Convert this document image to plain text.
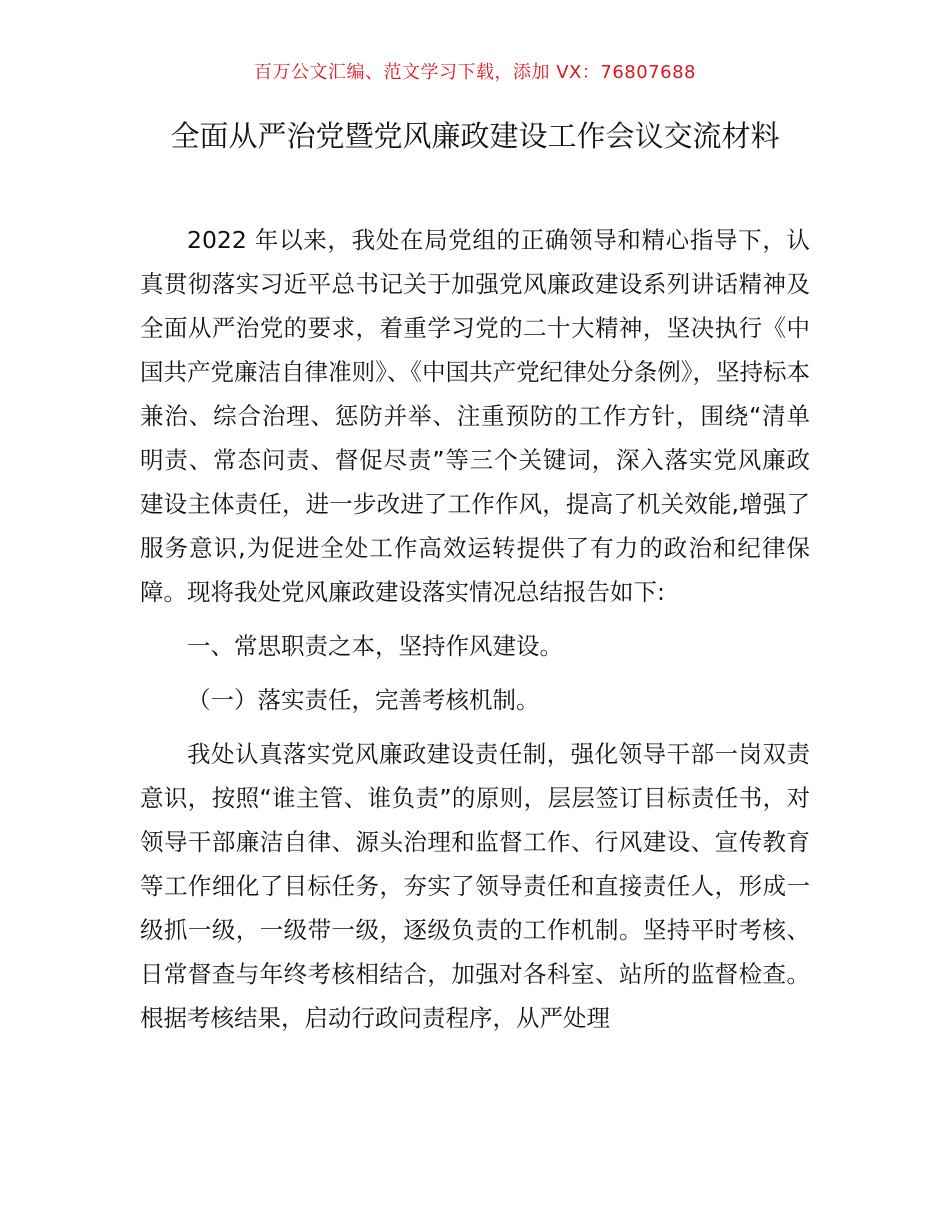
百万公文汇编、范文学习下载，添加 VX：76807688
全面从严治党暨党风廉政建设工作会议交流材料

2022 年以来，我处在局党组的正确领导和精心指导下，认真贯彻落实习近平总书记关于加强党风廉政建设系列讲话精神及全面从严治党的要求，着重学习党的二十大精神，坚决执行《中国共产党廉洁自律准则》、《中国共产党纪律处分条例》，坚持标本兼治、综合治理、惩防并举、注重预防的工作方针，围绕“清单明责、常态问责、督促尽责”等三个关键词，深入落实党风廉政建设主体责任，进一步改进了工作作风，提高了机关效能,增强了服务意识,为促进全处工作高效运转提供了有力的政治和纪律保障。现将我处党风廉政建设落实情况总结报告如下:

一、常思职责之本，坚持作风建设。

（一）落实责任，完善考核机制。

我处认真落实党风廉政建设责任制，强化领导干部一岗双责意识，按照“谁主管、谁负责”的原则，层层签订目标责任书，对领导干部廉洁自律、源头治理和监督工作、行风建设、宣传教育等工作细化了目标任务，夯实了领导责任和直接责任人，形成一级抓一级，一级带一级，逐级负责的工作机制。坚持平时考核、日常督查与年终考核相结合，加强对各科室、站所的监督检查。根据考核结果，启动行政问责程序，从严处理
